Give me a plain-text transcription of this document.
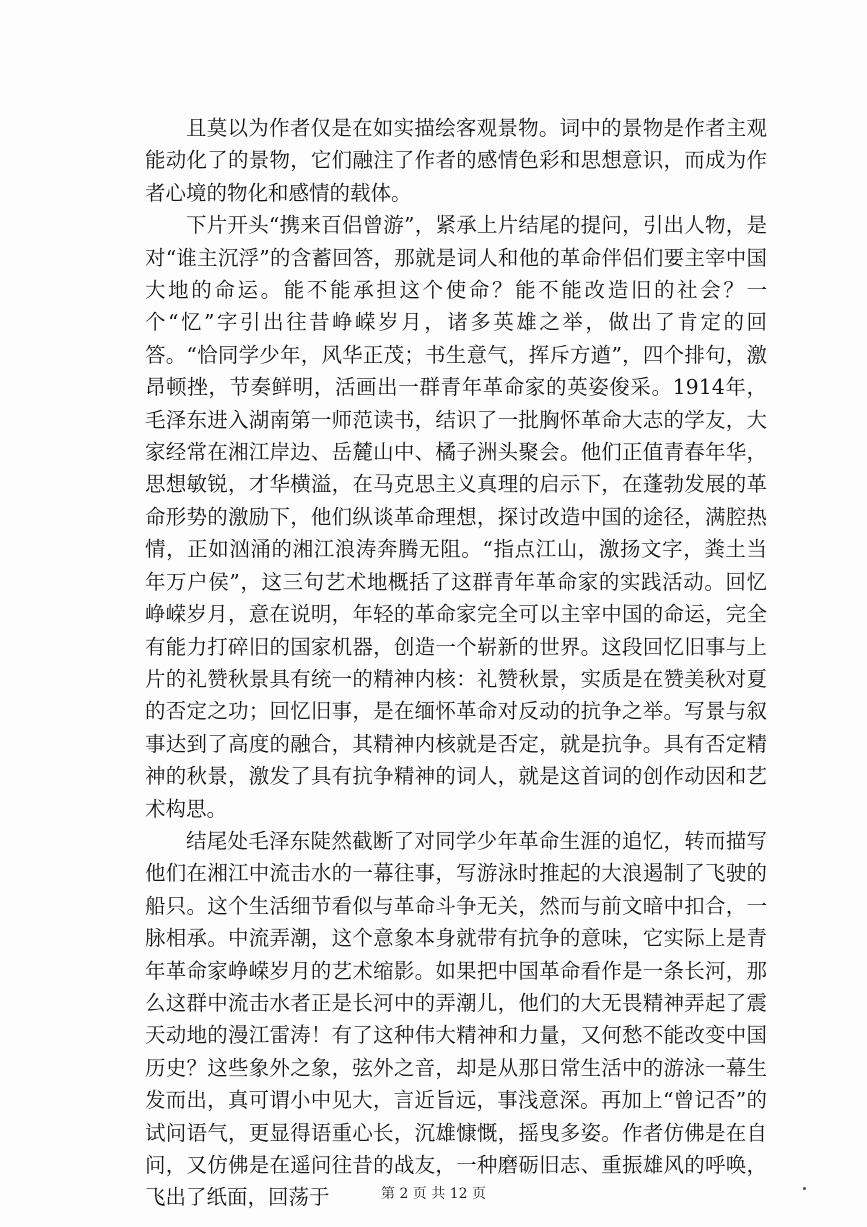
且莫以为作者仅是在如实描绘客观景物。词中的景物是作者主观能动化了的景物，它们融注了作者的感情色彩和思想意识，而成为作者心境的物化和感情的载体。

下片开头“携来百侣曾游”，紧承上片结尾的提问，引出人物，是对“谁主沉浮”的含蓄回答，那就是词人和他的革命伴侣们要主宰中国大地的命运。能不能承担这个使命？能不能改造旧的社会？一个“忆”字引出往昔峥嵘岁月，诸多英雄之举，做出了肯定的回答。“恰同学少年，风华正茂；书生意气，挥斥方遒”，四个排句，激昂顿挫，节奏鲜明，活画出一群青年革命家的英姿俊采。1914年，毛泽东进入湖南第一师范读书，结识了一批胸怀革命大志的学友，大家经常在湘江岸边、岳麓山中、橘子洲头聚会。他们正值青春年华，思想敏锐，才华横溢，在马克思主义真理的启示下，在蓬勃发展的革命形势的激励下，他们纵谈革命理想，探讨改造中国的途径，满腔热情，正如汹涌的湘江浪涛奔腾无阻。“指点江山，激扬文字，粪土当年万户侯”，这三句艺术地概括了这群青年革命家的实践活动。回忆峥嵘岁月，意在说明，年轻的革命家完全可以主宰中国的命运，完全有能力打碎旧的国家机器，创造一个崭新的世界。这段回忆旧事与上片的礼赞秋景具有统一的精神内核：礼赞秋景，实质是在赞美秋对夏的否定之功；回忆旧事，是在缅怀革命对反动的抗争之举。写景与叙事达到了高度的融合，其精神内核就是否定，就是抗争。具有否定精神的秋景，激发了具有抗争精神的词人，就是这首词的创作动因和艺术构思。

结尾处毛泽东陡然截断了对同学少年革命生涯的追忆，转而描写他们在湘江中流击水的一幕往事，写游泳时推起的大浪遏制了飞驶的船只。这个生活细节看似与革命斗争无关，然而与前文暗中扣合，一脉相承。中流弄潮，这个意象本身就带有抗争的意味，它实际上是青年革命家峥嵘岁月的艺术缩影。如果把中国革命看作是一条长河，那么这群中流击水者正是长河中的弄潮儿，他们的大无畏精神弄起了震天动地的漫江雷涛！有了这种伟大精神和力量，又何愁不能改变中国历史？这些象外之象，弦外之音，却是从那日常生活中的游泳一幕生发而出，真可谓小中见大，言近旨远，事浅意深。再加上“曾记否”的试问语气，更显得语重心长，沉雄慷慨，摇曳多姿。作者仿佛是在自问，又仿佛是在遥问往昔的战友，一种磨砺旧志、重振雄风的呼唤，飞出了纸面，回荡于	第 2 页 共 12 页
